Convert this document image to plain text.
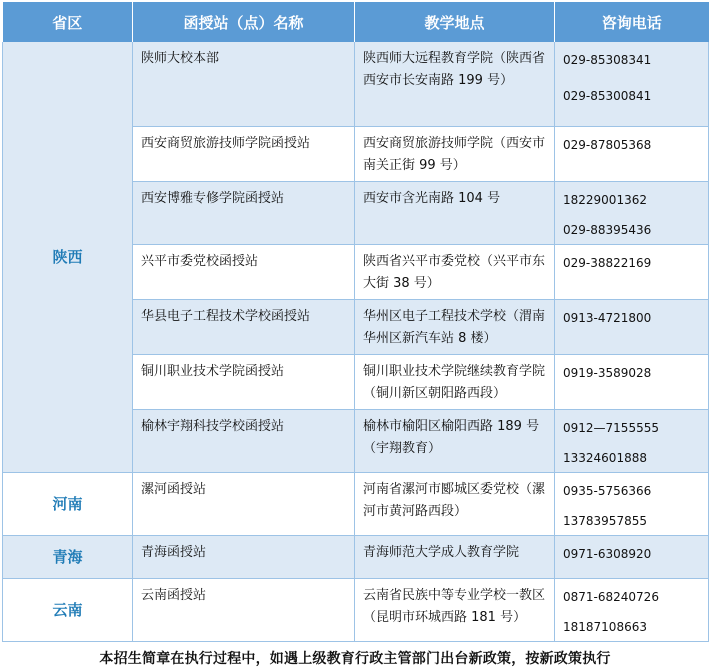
省区	函授站（点）名称	教学地点	咨询电话
陕西	陕师大校本部	陕西师大远程教育学院（陕西省西安市长安南路 199 号）	029-85308341
029-85300841

	西安商贸旅游技师学院函授站	西安商贸旅游技师学院（西安市南关正街 99 号）	029-87805368

	西安博雅专修学院函授站	西安市含光南路 104 号	18229001362
029-88395436

	兴平市委党校函授站	陕西省兴平市委党校（兴平市东大街 38 号）	029-38822169

	华县电子工程技术学校函授站	华州区电子工程技术学校（渭南华州区新汽车站 8 楼）	0913-4721800

	铜川职业技术学院函授站	铜川职业技术学院继续教育学院（铜川新区朝阳路西段）	0919-3589028

	榆林宇翔科技学校函授站	榆林市榆阳区榆阳西路 189 号（宇翔教育）	0912—7155555
13324601888

河南	漯河函授站	河南省漯河市郾城区委党校（漯河市黄河路西段）	0935-5756366
13783957855

青海	青海函授站	青海师范大学成人教育学院	0971-6308920

云南	云南函授站	云南省民族中等专业学校一教区（昆明市环城西路 181 号）	0871-68240726
18187108663
本招生简章在执行过程中，如遇上级教育行政主管部门出台新政策，按新政策执行
